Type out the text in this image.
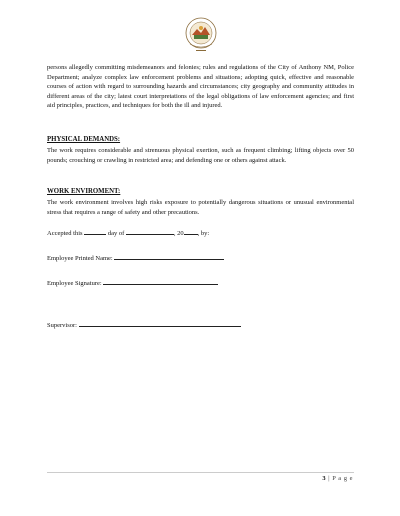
persons allegedly committing misdemeanors and felonies; rules and regulations of the City of Anthony NM, Police Department; analyze complex law enforcement problems and situations; adopting quick, effective and reasonable courses of action with regard to surrounding hazards and circumstances; city geography and community attitudes in different areas of the city; latest court interpretations of the legal obligations of law enforcement agencies; and first aid principles, practices, and techniques for both the ill and injured.
PHYSICAL DEMANDS:
The work requires considerable and strenuous physical exertion, such as frequent climbing; lifting objects over 50 pounds; crouching or crawling in restricted area; and defending one or others against attack.
WORK ENVIROMENT:
The work environment involves high risks exposure to potentially dangerous situations or unusual environmental stress that requires a range of safety and other precautions.
Accepted this	day of	, 20 , by:
Employee Printed Name:
Employee Signature:
Supervisor:
3 | P a g e
